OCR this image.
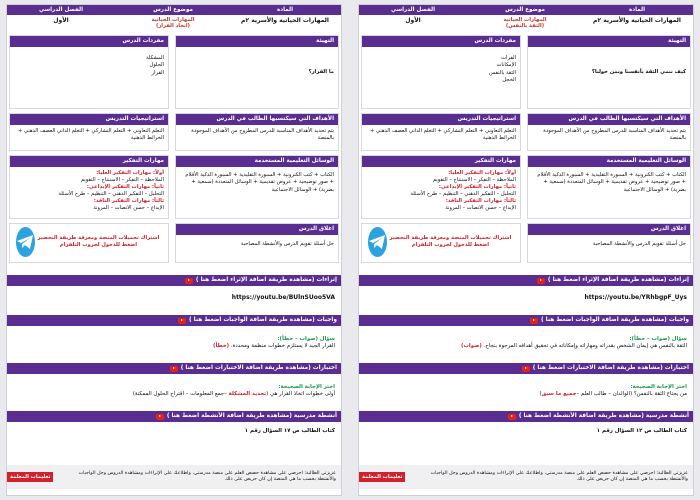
المادة
المهارات الحياتية والأسرية ٢م
موضوع الدرس
المهارات الحياتية
(اتخاذ القرار)
الفصل الدراسي
الأول
التهيئة
ما القرار؟
مفردات الدرس
المشكلة
الحلول
القرار
الأهداف التي سيكتسبها الطالب في الدرس
يتم تحديد الأهداف المناسبة للدرس المطروح من الأهداف الموجودة بالمنصة
استراتيجيات التدريس
التعلم التعاوني + التعلم التشاركي + التعلم الذاتي العصف الذهني + الخرائط الذهنية
الوسائل التعليمية المستخدمة
الكتاب + كتب الكترونية + السبورة التقليدية + السبورة الذكية الأقلام + صور توضيحية + عروض تقديمية + الوسائل المتعددة (سمعية + بصرية) + الوسائل الاجتماعية
مهارات التفكير
أولاً: مهارات التفكير العليا:
الملاحظة – التفكر – الاستنتاج – التقويم
ثانياً: مهارات التفكير الإبداعي:
التحليل – التفكير الذهني – التنظيم – طرح الأسئلة
ثالثاً: مهارات التفكير الناقد:
الإبداع – حسن الانصات – المرونة
اغلاق الدرس
حل أسئلة تقويم الدرس والأنشطة المصاحبة
اشتراك تحميلات المنصة ومعرفة طريقة التحضير اضغط للدخول لجروب التلقرام
إثراءات (مشاهدة طريقة اضافة الإثراء اضغط هنا )
https://youtu.be/BUlnSUoo5VA
واجبات (مشاهدة طريقة اضافة الواجبات اضغط هنا )
سؤال (صواب – خطأ):
القرار الجيد لا يستلزم خطوات منظمة ومحددة. (خطأ)
اختبارات (مشاهدة طريقة اضافة الاختبارات اضغط هنا )
اختر الإجابة الصحيحة:
أولى خطوات اتخاذ القرار هي (تحديد المشكلة –جمع المعلومات – اقتراح الحلول الممكنة)
أنشطة مدرسية (مشاهدة طريقة اضافة الأنشطة اضغط هنا )
كتاب الطالب ص ١٧ السؤال رقم ١
عزيزتي الطالبة: احرصي على مشاهدة حصص العلم على منصة مدرستي، واطلاعك على الإثراءات ومشاهدة الدروس وحل الواجبات والأنشطة بحسب ما هي المنصة إن كان حريص على ذلك
تعليمات المعلمة
المادة
المهارات الحياتية والأسرية ٢م
موضوع الدرس
المهارات الحياتية
(الثقة بالنفس)
الفصل الدراسي
الأول
التهيئة
كيف ننمي الثقة بأنفسنا وبمن حولنا؟
مفردات الدرس
الفرات
الإمكانات
الثقة بالنفس
الخجل
الأهداف التي سيكتسبها الطالب في الدرس
يتم تحديد الأهداف المناسبة للدرس المطروح من الأهداف الموجودة بالمنصة
استراتيجيات التدريس
التعلم التعاوني + التعلم التشاركي + التعلم الذاتي العصف الذهني + الخرائط الذهنية
الوسائل التعليمية المستخدمة
الكتاب + كتب الكترونية + السبورة التقليدية + السبورة الذكية الأقلام + صور توضيحية + عروض تقديمية + الوسائل المتعددة (سمعية + بصرية) + الوسائل الاجتماعية
مهارات التفكير
أولاً: مهارات التفكير العليا:
الملاحظة – التفكر – الاستنتاج – التقويم
ثانياً: مهارات التفكير الإبداعي:
التحليل – التفكير الذهني – التنظيم – طرح الأسئلة
ثالثاً: مهارات التفكير الناقد:
الإبداع – حسن الانصات – المرونة
اغلاق الدرس
حل أسئلة تقويم الدرس والأنشطة المصاحبة
اشتراك تحميلات المنصة ومعرفة طريقة التحضير اضغط للدخول لجروب التلقرام
إثراءات (مشاهدة طريقة اضافة الإثراء اضغط هنا )
https://youtu.be/YRhbgpF_Uys
واجبات (مشاهدة طريقة اضافة الواجبات اضغط هنا )
سؤال (صواب – خطأ):
الثقة بالنفس هي إيمان الشخص بقدراته ومهاراته وإمكاناته في تحقيق أهدافه المرجوة بنجاح. (صواب)
اختبارات (مشاهدة طريقة اضافة الاختبارات اضغط هنا )
اختر الإجابة الصحيحة:
من يحتاج الثقة بالنفس؟ (الوالدان – طالب العلم –جميع ما سبق)
أنشطة مدرسية (مشاهدة طريقة اضافة الأنشطة اضغط هنا )
كتاب الطالب ص ١٢ السؤال رقم ١
عزيزتي الطالبة: احرصي على مشاهدة حصص العلم على منصة مدرستي، واطلاعك على الإثراءات ومشاهدة الدروس وحل الواجبات والأنشطة بحسب ما هي المنصة إن كان حريص على ذلك
تعليمات المعلمة
